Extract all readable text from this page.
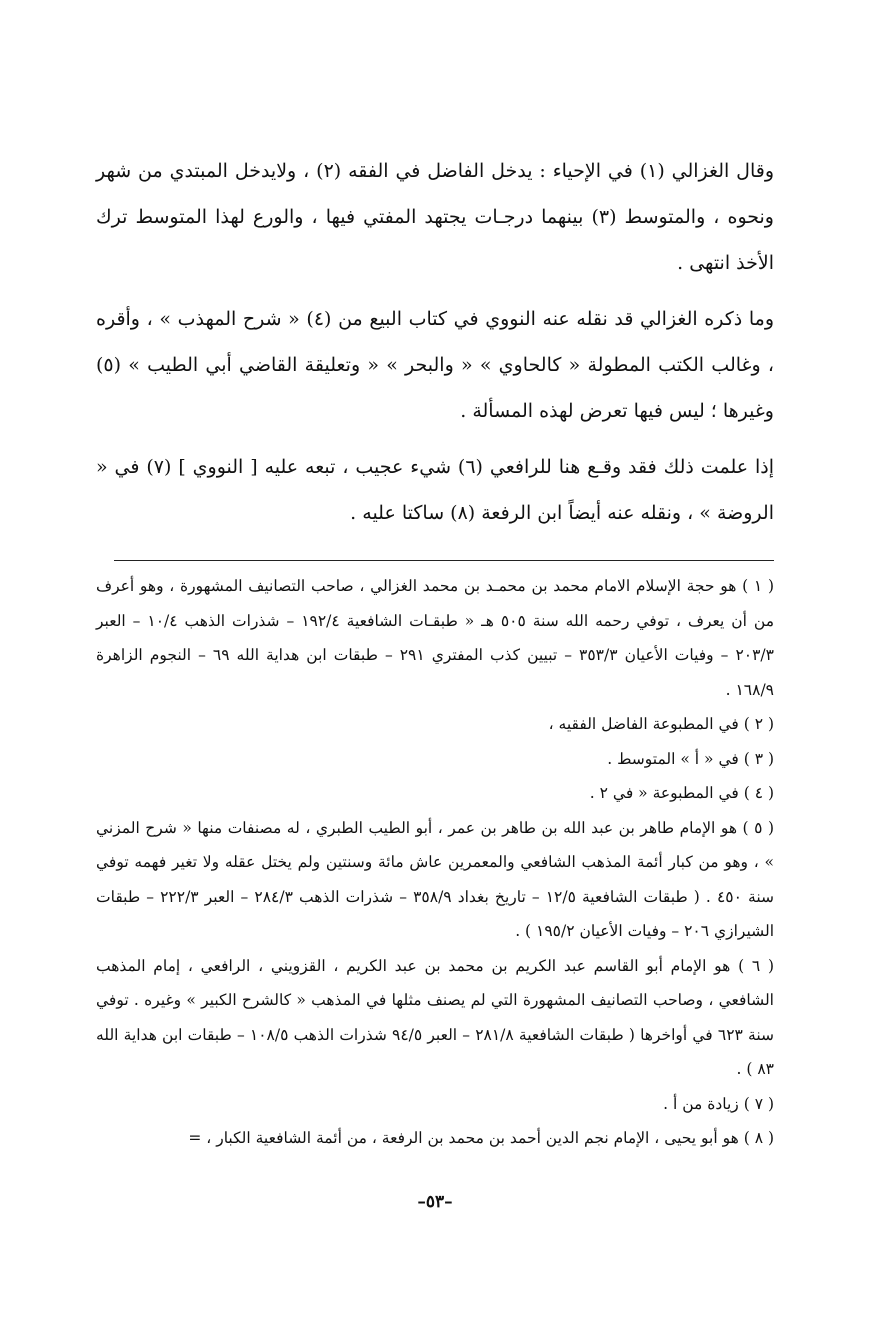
وقال الغزالي (١) في الإحياء : يدخل الفاضل في الفقه (٢) ، ولايدخل المبتدي من شهر ونحوه ، والمتوسط (٣) بينهما درجـات يجتهد المفتي فيها ، والورع لهذا المتوسط ترك الأخذ انتهى .

وما ذكره الغزالي قد نقله عنه النووي في كتاب البيع من (٤) « شرح المهذب » ، وأقره ، وغالب الكتب المطولة « كالحاوي » « والبحر » « وتعليقة القاضي أبي الطيب » (٥) وغيرها ؛ ليس فيها تعرض لهذه المسألة .

إذا علمت ذلك فقد وقـع هنا للرافعي (٦) شيء عجيب ، تبعه عليه [ النووي ] (٧) في « الروضة » ، ونقله عنه أيضاً ابن الرفعة (٨) ساكتا عليه .

( ١ ) هو حجة الإسلام الامام محمد بن محمـد بن محمد الغزالي ، صاحب التصانيف المشهورة ، وهو أعرف من أن يعرف ، توفي رحمه الله سنة ٥٠٥ هـ « طبقـات الشافعية ١٩٢/٤ – شذرات الذهب ١٠/٤ – العبر ٢٠٣/٣ – وفيات الأعيان ٣٥٣/٣ – تبيين كذب المفتري ٢٩١ – طبقات ابن هداية الله ٦٩ – النجوم الزاهرة ١٦٨/٩ .

( ٢ ) في المطبوعة الفاضل الفقيه ،

( ٣ ) في « أ » المتوسط .

( ٤ ) في المطبوعة « في ۲ .

( ٥ ) هو الإمام طاهر بن عبد الله بن طاهر بن عمر ، أبو الطيب الطبري ، له مصنفات منها « شرح المزني » ، وهو من كبار أئمة المذهب الشافعي والمعمرين عاش مائة وسنتين ولم يختل عقله ولا تغير فهمه توفي سنة ٤٥٠ . ( طبقات الشافعية ١٢/٥ – تاريخ بغداد ٣٥٨/٩ – شذرات الذهب ٢٨٤/٣ – العبر ٢٢٢/٣ – طبقات الشيرازي ٢٠٦ – وفيات الأعيان ١٩٥/٢ ) .

( ٦ ) هو الإمام أبو القاسم عبد الكريم بن محمد بن عبد الكريم ، القزويني ، الرافعي ، إمام المذهب الشافعي ، وصاحب التصانيف المشهورة التي لم يصنف مثلها في المذهب « كالشرح الكبير » وغيره . توفي سنة ٦٢٣ في أواخرها ( طبقات الشافعية ٢٨١/٨ – العبر ٩٤/٥ شذرات الذهب ١٠٨/٥ – طبقات ابن هداية الله ٨٣ ) .

( ٧ ) زيادة من أ .

( ٨ ) هو أبو يحيى ، الإمام نجم الدين أحمد بن محمد بن الرفعة ، من أئمة الشافعية الكبار ، =

–٥٣–
